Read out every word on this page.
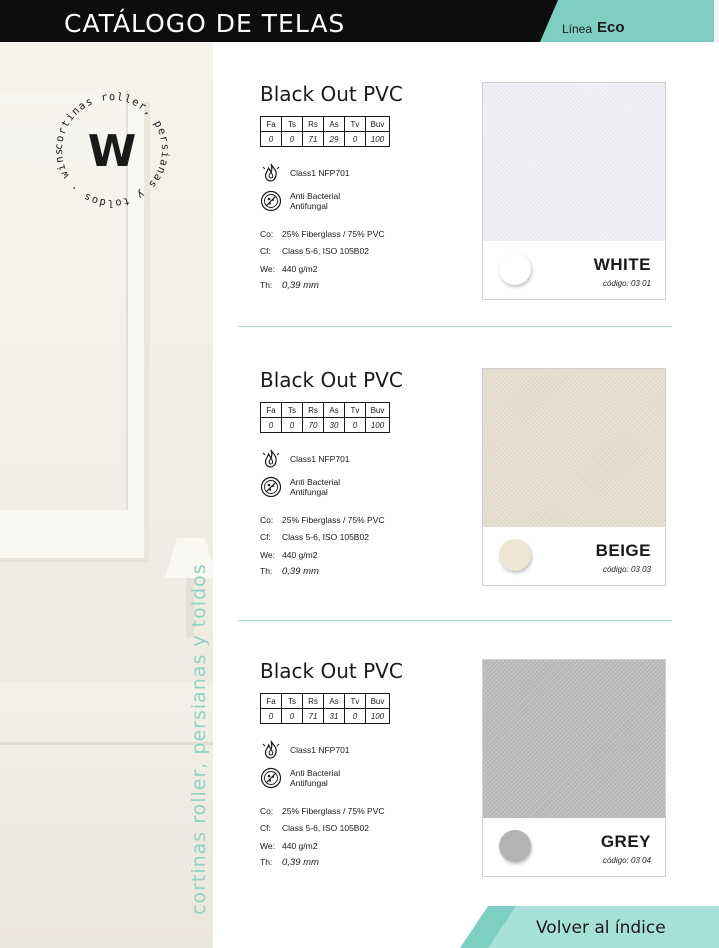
CATÁLOGO DE TELAS	Línea Eco
cortinas roller, persianas y toldos · wins W
cortinas roller, persianas y toldos
Black Out PVC
Fa	Ts	Rs	As	Tv	Buv
0	0	71	29	0	100
Class1 NFP701
Anti Bacterial
Antifungal
Co: 25% Fiberglass / 75% PVC
Cf: Class 5-6, ISO 105B02
We: 440 g/m2
Th: 0,39 mm
WHITE
código: 03 01
Black Out PVC
Fa	Ts	Rs	As	Tv	Buv
0	0	70	30	0	100
Class1 NFP701
Anti Bacterial
Antifungal
Co: 25% Fiberglass / 75% PVC
Cf: Class 5-6, ISO 105B02
We: 440 g/m2
Th: 0,39 mm
BEIGE
código: 03 03
Black Out PVC
Fa	Ts	Rs	As	Tv	Buv
0	0	71	31	0	100
Class1 NFP701
Anti Bacterial
Antifungal
Co: 25% Fiberglass / 75% PVC
Cf: Class 5-6, ISO 105B02
We: 440 g/m2
Th: 0,39 mm
GREY
código: 03 04
Volver al índice
